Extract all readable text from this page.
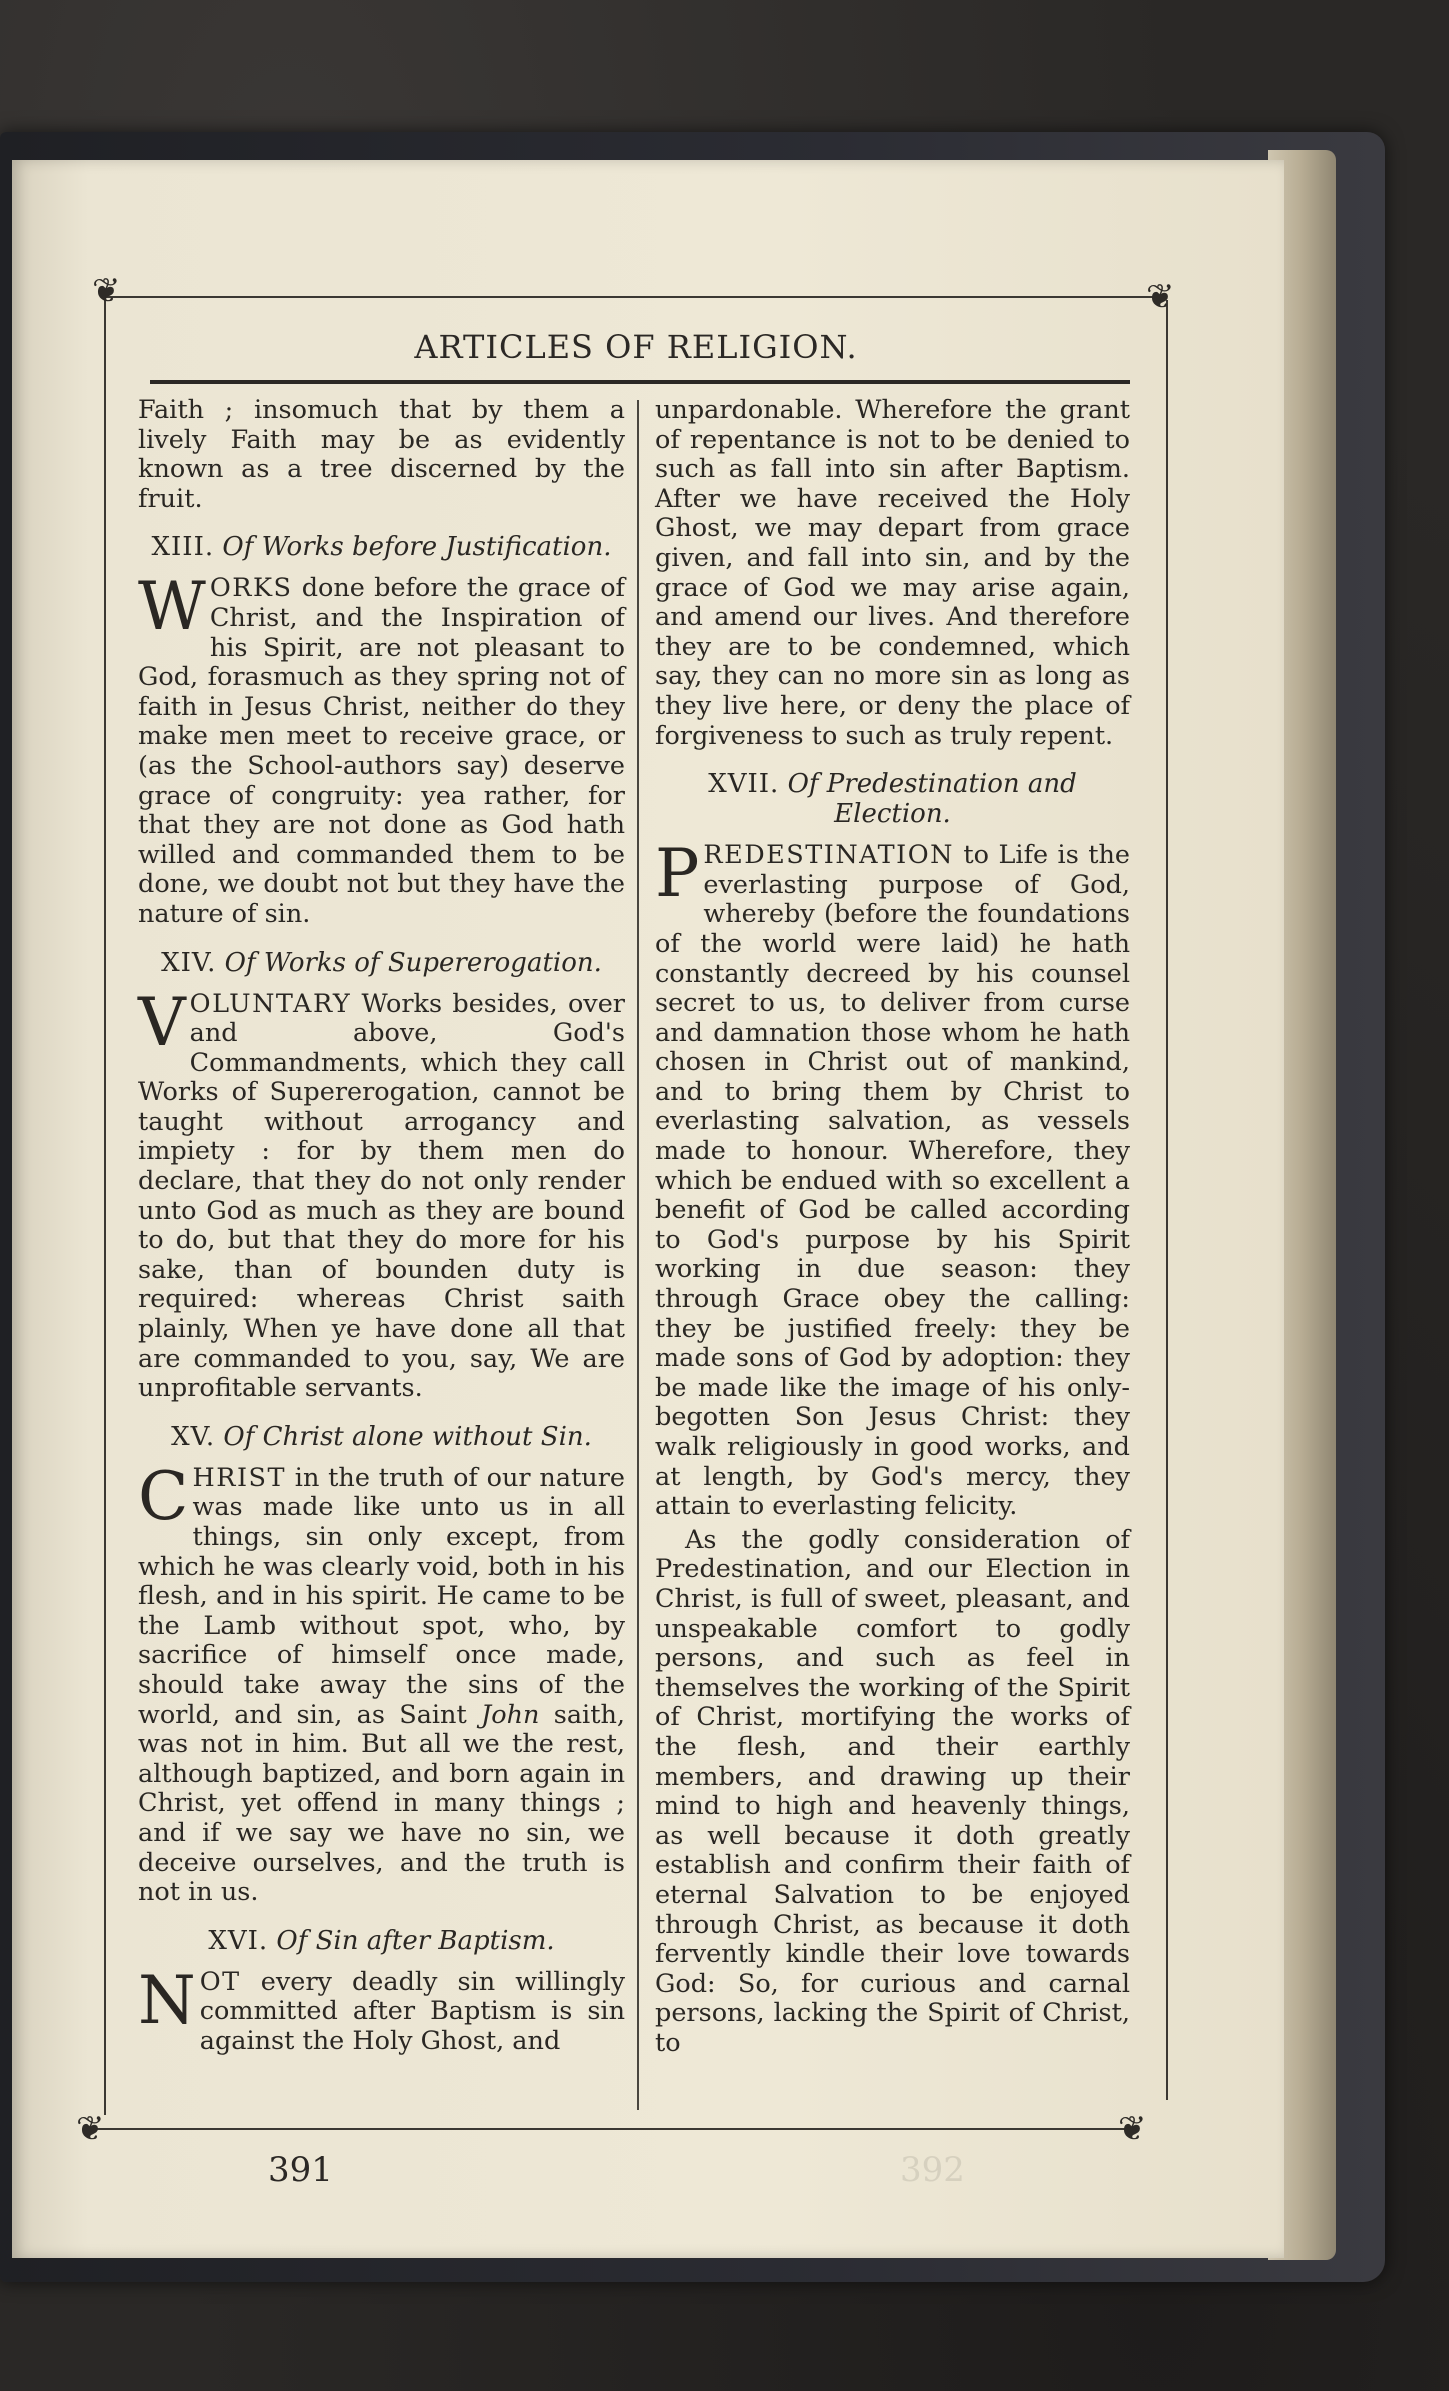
❦	❦
❦	❦
ARTICLES OF RELIGION.

Faith ; insomuch that by them a lively Faith may be as evidently known as a tree discerned by the fruit.

XIII. Of Works before Justification.

WORKS done before the grace of Christ, and the Inspiration of his Spirit, are not pleasant to God, forasmuch as they spring not of faith in Jesus Christ, neither do they make men meet to receive grace, or (as the School-authors say) deserve grace of congruity: yea rather, for that they are not done as God hath willed and commanded them to be done, we doubt not but they have the nature of sin.

XIV. Of Works of Supererogation.

VOLUNTARY Works besides, over and above, God's Commandments, which they call Works of Supererogation, cannot be taught without arrogancy and impiety : for by them men do declare, that they do not only render unto God as much as they are bound to do, but that they do more for his sake, than of bounden duty is required: whereas Christ saith plainly, When ye have done all that are commanded to you, say, We are unprofitable servants.

XV. Of Christ alone without Sin.

CHRIST in the truth of our nature was made like unto us in all things, sin only except, from which he was clearly void, both in his flesh, and in his spirit. He came to be the Lamb without spot, who, by sacrifice of himself once made, should take away the sins of the world, and sin, as Saint John saith, was not in him. But all we the rest, although baptized, and born again in Christ, yet offend in many things ; and if we say we have no sin, we deceive ourselves, and the truth is not in us.

XVI. Of Sin after Baptism.

NOT every deadly sin willingly committed after Baptism is sin against the Holy Ghost, and

unpardonable. Wherefore the grant of repentance is not to be denied to such as fall into sin after Baptism. After we have received the Holy Ghost, we may depart from grace given, and fall into sin, and by the grace of God we may arise again, and amend our lives. And therefore they are to be condemned, which say, they can no more sin as long as they live here, or deny the place of forgiveness to such as truly repent.

XVII. Of Predestination and Election.

PREDESTINATION to Life is the everlasting purpose of God, whereby (before the foundations of the world were laid) he hath constantly decreed by his counsel secret to us, to deliver from curse and damnation those whom he hath chosen in Christ out of mankind, and to bring them by Christ to everlasting salvation, as vessels made to honour. Wherefore, they which be endued with so excellent a benefit of God be called according to God's purpose by his Spirit working in due season: they through Grace obey the calling: they be justified freely: they be made sons of God by adoption: they be made like the image of his only-begotten Son Jesus Christ: they walk religiously in good works, and at length, by God's mercy, they attain to everlasting felicity.

As the godly consideration of Predestination, and our Election in Christ, is full of sweet, pleasant, and unspeakable comfort to godly persons, and such as feel in themselves the working of the Spirit of Christ, mortifying the works of the flesh, and their earthly members, and drawing up their mind to high and heavenly things, as well because it doth greatly establish and confirm their faith of eternal Salvation to be enjoyed through Christ, as because it doth fervently kindle their love towards God: So, for curious and carnal persons, lacking the Spirit of Christ, to

391	392
